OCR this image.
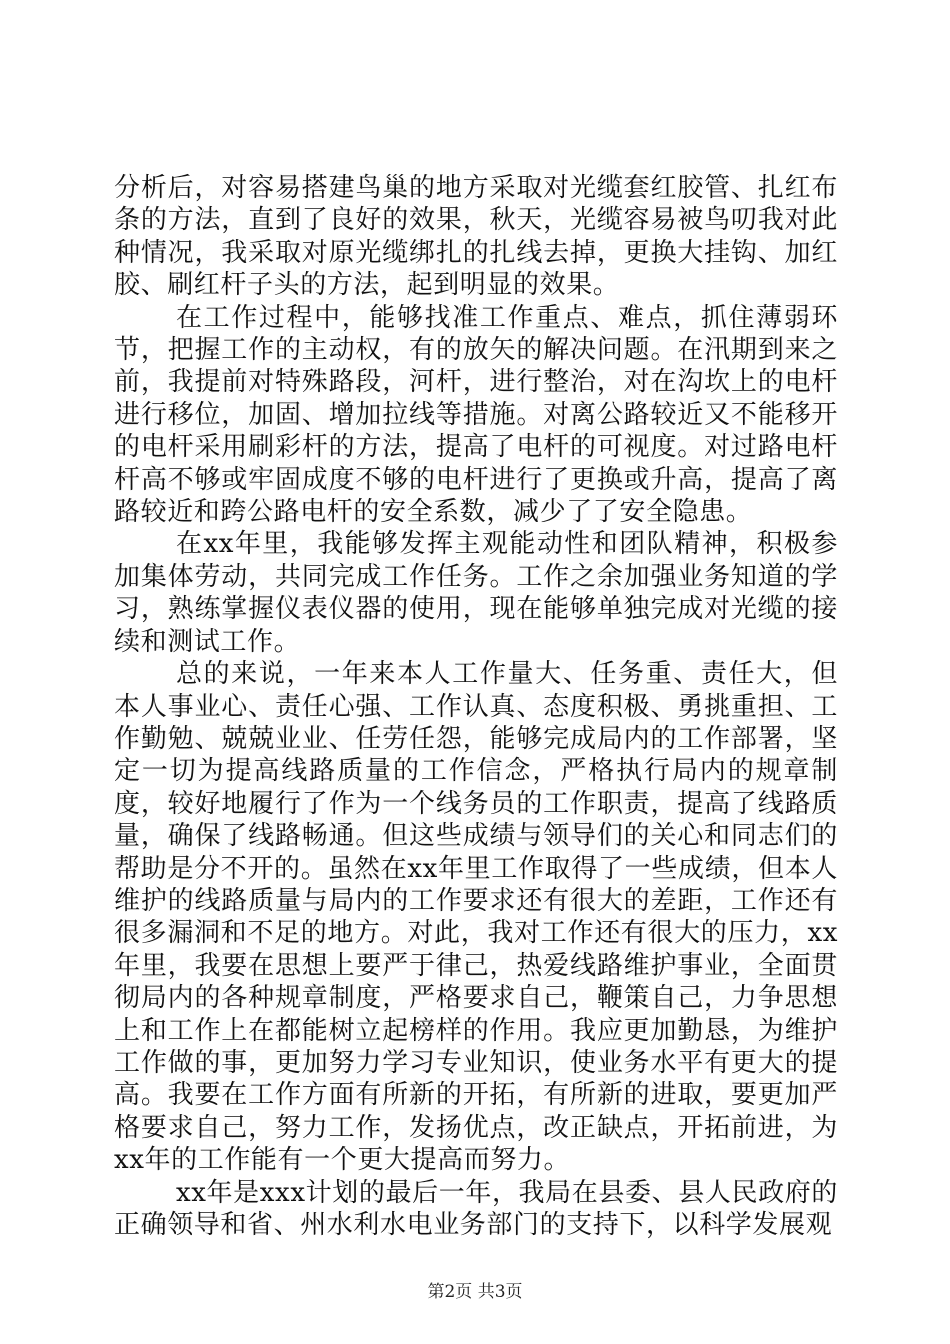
分析后，对容易搭建鸟巢的地方采取对光缆套红胶管、扎红布条的方法，直到了良好的效果，秋天，光缆容易被鸟叨我对此种情况，我采取对原光缆绑扎的扎线去掉，更换大挂钩、加红胶、刷红杆子头的方法，起到明显的效果。

在工作过程中，能够找准工作重点、难点，抓住薄弱环节，把握工作的主动权，有的放矢的解决问题。在汛期到来之前，我提前对特殊路段，河杆，进行整治，对在沟坎上的电杆进行移位，加固、增加拉线等措施。对离公路较近又不能移开的电杆采用刷彩杆的方法，提高了电杆的可视度。对过路电杆杆高不够或牢固成度不够的电杆进行了更换或升高，提高了离路较近和跨公路电杆的安全系数，减少了了安全隐患。

在xx年里，我能够发挥主观能动性和团队精神，积极参加集体劳动，共同完成工作任务。工作之余加强业务知道的学习，熟练掌握仪表仪器的使用，现在能够单独完成对光缆的接续和测试工作。

总的来说，一年来本人工作量大、任务重、责任大，但本人事业心、责任心强、工作认真、态度积极、勇挑重担、工作勤勉、兢兢业业、任劳任怨，能够完成局内的工作部署，坚定一切为提高线路质量的工作信念，严格执行局内的规章制度，较好地履行了作为一个线务员的工作职责，提高了线路质量，确保了线路畅通。但这些成绩与领导们的关心和同志们的帮助是分不开的。虽然在xx年里工作取得了一些成绩，但本人维护的线路质量与局内的工作要求还有很大的差距，工作还有很多漏洞和不足的地方。对此，我对工作还有很大的压力，xx年里，我要在思想上要严于律己，热爱线路维护事业，全面贯彻局内的各种规章制度，严格要求自己，鞭策自己，力争思想上和工作上在都能树立起榜样的作用。我应更加勤恳，为维护工作做的事，更加努力学习专业知识，使业务水平有更大的提高。我要在工作方面有所新的开拓，有所新的进取，要更加严格要求自己，努力工作，发扬优点，改正缺点，开拓前进，为xx年的工作能有一个更大提高而努力。

xx年是xxx计划的最后一年，我局在县委、县人民政府的正确领导和省、州水利水电业务部门的支持下，以科学发展观

第2页 共3页
